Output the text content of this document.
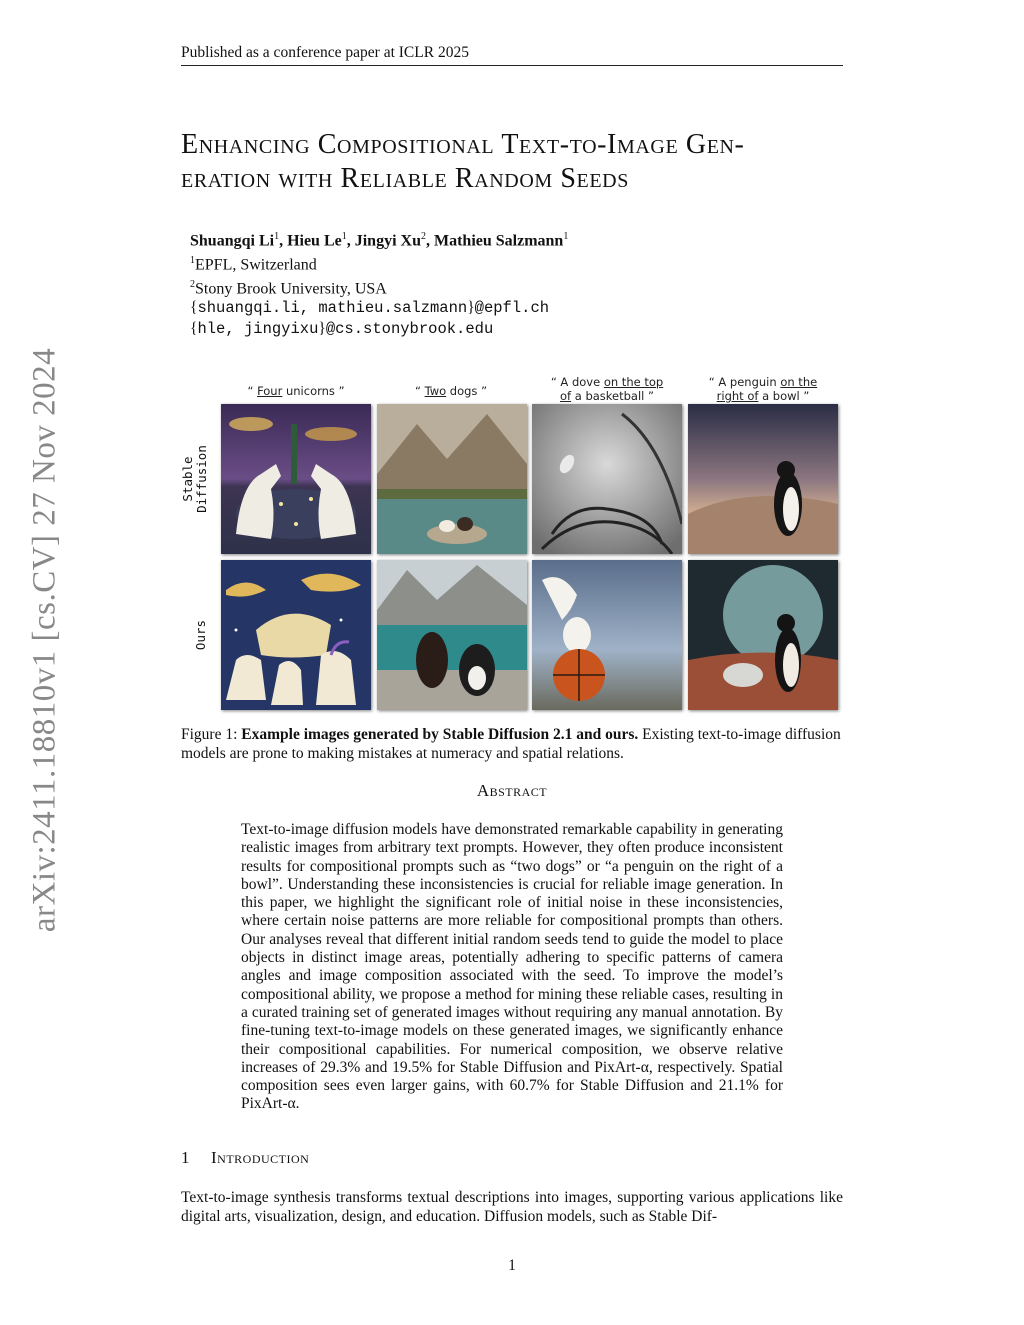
Published as a conference paper at ICLR 2025
arXiv:2411.18810v1 [cs.CV] 27 Nov 2024
Enhancing Compositional Text-to-Image Gen-
eration with Reliable Random Seeds
Shuangqi Li$^1$, Hieu Le$^1$, Jingyi Xu$^2$, Mathieu Salzmann$^1$
$^1$EPFL, Switzerland
$^2$Stony Brook University, USA
{shuangqi.li, mathieu.salzmann}@epfl.ch
{hle, jingyixu}@cs.stonybrook.edu
“ Four unicorns ”	“ Two dogs ”
“ A dove on the top
of a basketball ”
“ A penguin on the
right of a bowl ”
Stable Diffusion
Ours
Figure 1: Example images generated by Stable Diffusion 2.1 and ours. Existing text-to-image diffusion models are prone to making mistakes at numeracy and spatial relations.
Abstract
Text-to-image diffusion models have demonstrated remarkable capability in generating realistic images from arbitrary text prompts. However, they often produce inconsistent results for compositional prompts such as “two dogs” or “a penguin on the right of a bowl”. Understanding these inconsistencies is crucial for reliable image generation. In this paper, we highlight the significant role of initial noise in these inconsistencies, where certain noise patterns are more reliable for compositional prompts than others. Our analyses reveal that different initial random seeds tend to guide the model to place objects in distinct image areas, potentially adhering to specific patterns of camera angles and image composition associated with the seed. To improve the model’s compositional ability, we propose a method for mining these reliable cases, resulting in a curated training set of generated images without requiring any manual annotation. By fine-tuning text-to-image models on these generated images, we significantly enhance their compositional capabilities. For numerical composition, we observe relative increases of 29.3% and 19.5% for Stable Diffusion and PixArt-α, respectively. Spatial composition sees even larger gains, with 60.7% for Stable Diffusion and 21.1% for PixArt-α.
1 Introduction
Text-to-image synthesis transforms textual descriptions into images, supporting various applications like digital arts, visualization, design, and education. Diffusion models, such as Stable Dif-
1
